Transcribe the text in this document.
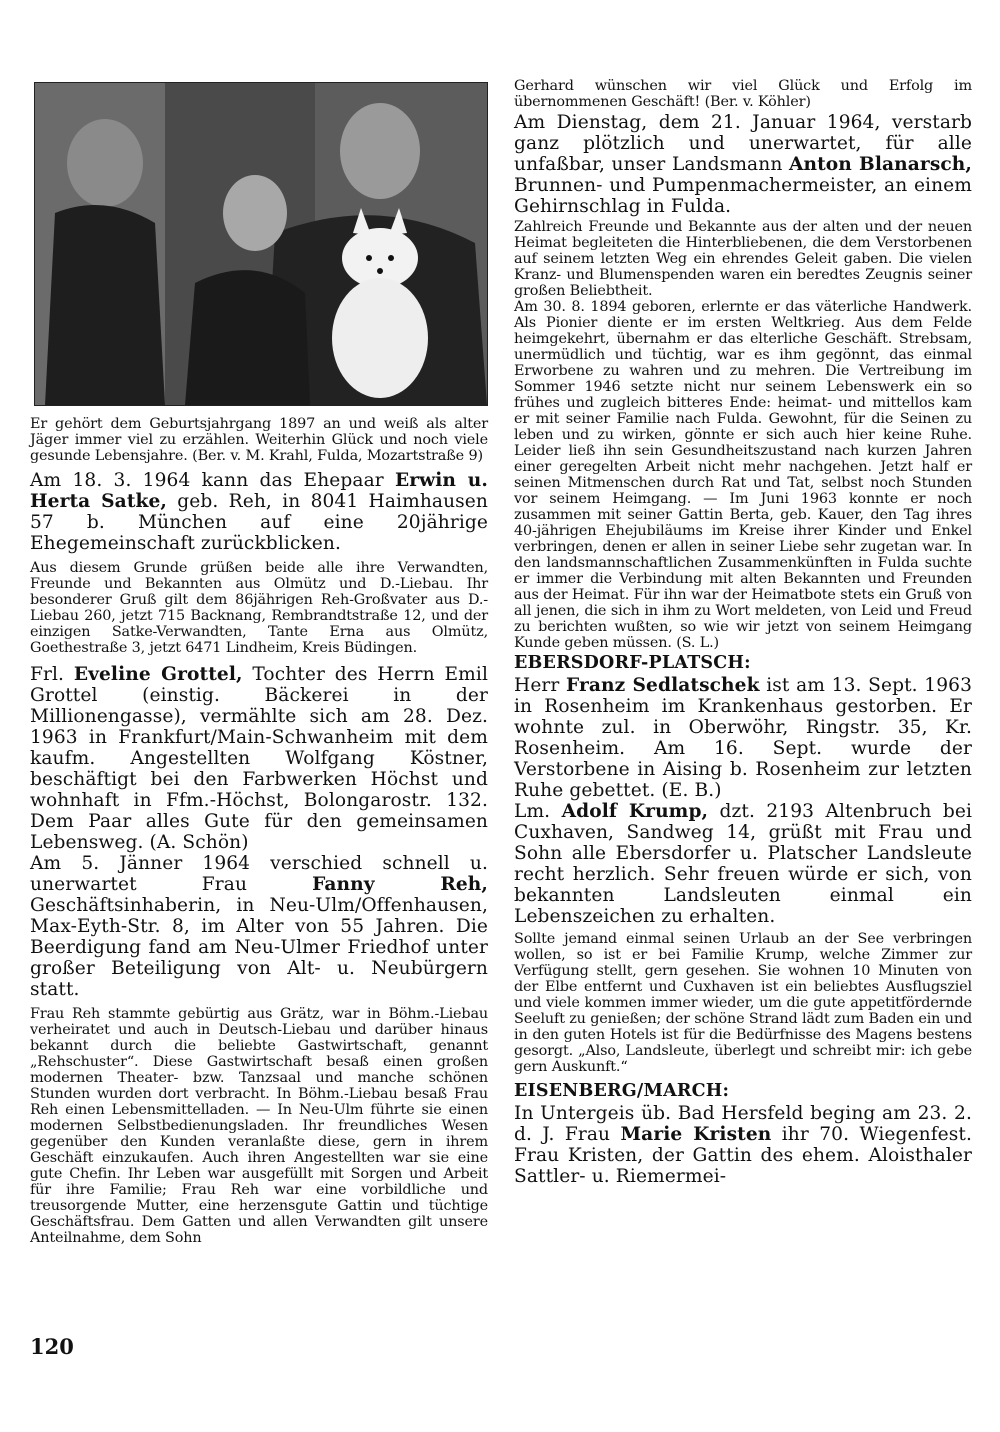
Er gehört dem Geburtsjahrgang 1897 an und weiß als alter Jäger immer viel zu erzählen. Weiterhin Glück und noch viele gesunde Lebensjahre. (Ber. v. M. Krahl, Fulda, Mozartstraße 9)

Am 18. 3. 1964 kann das Ehepaar Erwin u. Herta Satke, geb. Reh, in 8041 Haimhausen 57 b. München auf eine 20jährige Ehegemeinschaft zurückblicken.

Aus diesem Grunde grüßen beide alle ihre Verwandten, Freunde und Bekannten aus Olmütz und D.-Liebau. Ihr besonderer Gruß gilt dem 86jährigen Reh-Großvater aus D.-Liebau 260, jetzt 715 Backnang, Rembrandtstraße 12, und der einzigen Satke-Verwandten, Tante Erna aus Olmütz, Goethestraße 3, jetzt 6471 Lindheim, Kreis Büdingen.

Frl. Eveline Grottel, Tochter des Herrn Emil Grottel (einstig. Bäckerei in der Millionengasse), vermählte sich am 28. Dez. 1963 in Frankfurt/Main-Schwanheim mit dem kaufm. Angestellten Wolfgang Köstner, beschäftigt bei den Farbwerken Höchst und wohnhaft in Ffm.-Höchst, Bolongarostr. 132. Dem Paar alles Gute für den gemeinsamen Lebensweg. (A. Schön)

Am 5. Jänner 1964 verschied schnell u. unerwartet Frau Fanny Reh, Geschäftsinhaberin, in Neu-Ulm/Offenhausen, Max-Eyth-Str. 8, im Alter von 55 Jahren. Die Beerdigung fand am Neu-Ulmer Friedhof unter großer Beteiligung von Alt- u. Neubürgern statt.

Frau Reh stammte gebürtig aus Grätz, war in Böhm.-Liebau verheiratet und auch in Deutsch-Liebau und darüber hinaus bekannt durch die beliebte Gastwirtschaft, genannt „Rehschuster“. Diese Gastwirtschaft besaß einen großen modernen Theater- bzw. Tanzsaal und manche schönen Stunden wurden dort verbracht. In Böhm.-Liebau besaß Frau Reh einen Lebensmittelladen. — In Neu-Ulm führte sie einen modernen Selbstbedienungsladen. Ihr freundliches Wesen gegenüber den Kunden veranlaßte diese, gern in ihrem Geschäft einzukaufen. Auch ihren Angestellten war sie eine gute Chefin. Ihr Leben war ausgefüllt mit Sorgen und Arbeit für ihre Familie; Frau Reh war eine vorbildliche und treusorgende Mutter, eine herzensgute Gattin und tüchtige Geschäftsfrau. Dem Gatten und allen Verwandten gilt unsere Anteilnahme, dem Sohn

Gerhard wünschen wir viel Glück und Erfolg im übernommenen Geschäft! (Ber. v. Köhler)

Am Dienstag, dem 21. Januar 1964, verstarb ganz plötzlich und unerwartet, für alle unfaßbar, unser Landsmann Anton Blanarsch, Brunnen- und Pumpenmachermeister, an einem Gehirnschlag in Fulda.

Zahlreich Freunde und Bekannte aus der alten und der neuen Heimat begleiteten die Hinterbliebenen, die dem Verstorbenen auf seinem letzten Weg ein ehrendes Geleit gaben. Die vielen Kranz- und Blumenspenden waren ein beredtes Zeugnis seiner großen Beliebtheit.

Am 30. 8. 1894 geboren, erlernte er das väterliche Handwerk. Als Pionier diente er im ersten Weltkrieg. Aus dem Felde heimgekehrt, übernahm er das elterliche Geschäft. Strebsam, unermüdlich und tüchtig, war es ihm gegönnt, das einmal Erworbene zu wahren und zu mehren. Die Vertreibung im Sommer 1946 setzte nicht nur seinem Lebenswerk ein so frühes und zugleich bitteres Ende: heimat- und mittellos kam er mit seiner Familie nach Fulda. Gewohnt, für die Seinen zu leben und zu wirken, gönnte er sich auch hier keine Ruhe. Leider ließ ihn sein Gesundheitszustand nach kurzen Jahren einer geregelten Arbeit nicht mehr nachgehen. Jetzt half er seinen Mitmenschen durch Rat und Tat, selbst noch Stunden vor seinem Heimgang. — Im Juni 1963 konnte er noch zusammen mit seiner Gattin Berta, geb. Kauer, den Tag ihres 40-jährigen Ehejubiläums im Kreise ihrer Kinder und Enkel verbringen, denen er allen in seiner Liebe sehr zugetan war. In den landsmannschaftlichen Zusammenkünften in Fulda suchte er immer die Verbindung mit alten Bekannten und Freunden aus der Heimat. Für ihn war der Heimatbote stets ein Gruß von all jenen, die sich in ihm zu Wort meldeten, von Leid und Freud zu berichten wußten, so wie wir jetzt von seinem Heimgang Kunde geben müssen. (S. L.)

EBERSDORF-PLATSCH:

Herr Franz Sedlatschek ist am 13. Sept. 1963 in Rosenheim im Krankenhaus gestorben. Er wohnte zul. in Oberwöhr, Ringstr. 35, Kr. Rosenheim. Am 16. Sept. wurde der Verstorbene in Aising b. Rosenheim zur letzten Ruhe gebettet. (E. B.)

Lm. Adolf Krump, dzt. 2193 Altenbruch bei Cuxhaven, Sandweg 14, grüßt mit Frau und Sohn alle Ebersdorfer u. Platscher Landsleute recht herzlich. Sehr freuen würde er sich, von bekannten Landsleuten einmal ein Lebenszeichen zu erhalten.

Sollte jemand einmal seinen Urlaub an der See verbringen wollen, so ist er bei Familie Krump, welche Zimmer zur Verfügung stellt, gern gesehen. Sie wohnen 10 Minuten von der Elbe entfernt und Cuxhaven ist ein beliebtes Ausflugsziel und viele kommen immer wieder, um die gute appetitfördernde Seeluft zu genießen; der schöne Strand lädt zum Baden ein und in den guten Hotels ist für die Bedürfnisse des Magens bestens gesorgt. „Also, Landsleute, überlegt und schreibt mir: ich gebe gern Auskunft.“

EISENBERG/MARCH:

In Untergeis üb. Bad Hersfeld beging am 23. 2. d. J. Frau Marie Kristen ihr 70. Wiegenfest. Frau Kristen, der Gattin des ehem. Aloisthaler Sattler- u. Riemermei-

120
